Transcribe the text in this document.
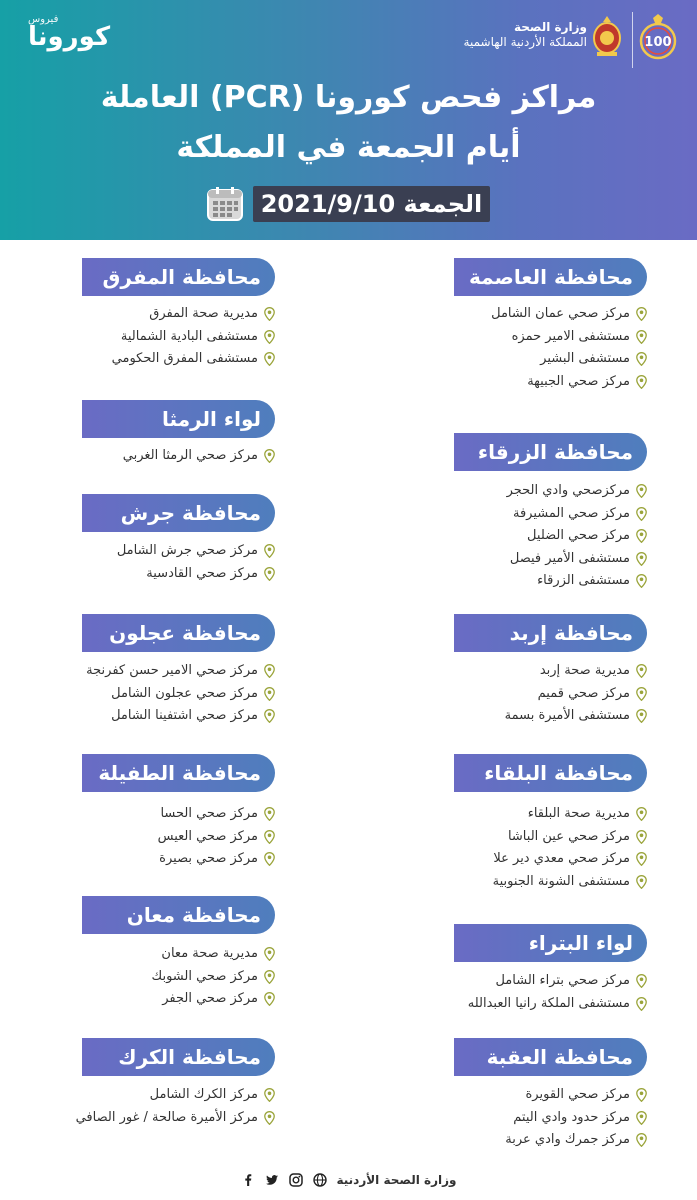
فيروس
كورونا	وزارة الصحة
المملكة الأردنية الهاشمية	100
مراكز فحص كورونا (PCR) العاملة
أيام الجمعة في المملكة
الجمعة 2021/9/10
محافظة العاصمة
مركز صحي عمان الشامل
مستشفى الامير حمزه
مستشفى البشير
مركز صحي الجبيهة
محافظة المفرق
مديرية صحة المفرق
مستشفى البادية الشمالية
مستشفى المفرق الحكومي
لواء الرمثا
مركز صحي الرمثا الغربي	محافظة الزرقاء
مركزصحي وادي الحجر
مركز صحي المشيرفة
مركز صحي الضليل
مستشفى الأمير فيصل
مستشفى الزرقاء
محافظة جرش
مركز صحي جرش الشامل
مركز صحي القادسية
محافظة إربد
مديرية صحة إربد
مركز صحي قميم
مستشفى الأميرة بسمة
محافظة عجلون
مركز صحي الامير حسن كفرنجة
مركز صحي عجلون الشامل
مركز صحي اشتفينا الشامل
محافظة البلقاء
مديرية صحة البلقاء
مركز صحي عين الباشا
مركز صحي معدي دير علا
مستشفى الشونة الجنوبية
محافظة الطفيلة
مركز صحي الحسا
مركز صحي العيس
مركز صحي بصيرة
لواء البتراء
مركز صحي بتراء الشامل
مستشفى الملكة رانيا العبدالله
محافظة معان
مديرية صحة معان
مركز صحي الشوبك
مركز صحي الجفر
محافظة العقبة
مركز صحي القويرة
مركز حدود وادي اليتم
مركز جمرك وادي عربة
محافظة الكرك
مركز الكرك الشامل
مركز الأميرة صالحة / غور الصافي
وزارة الصحة الأردنية
